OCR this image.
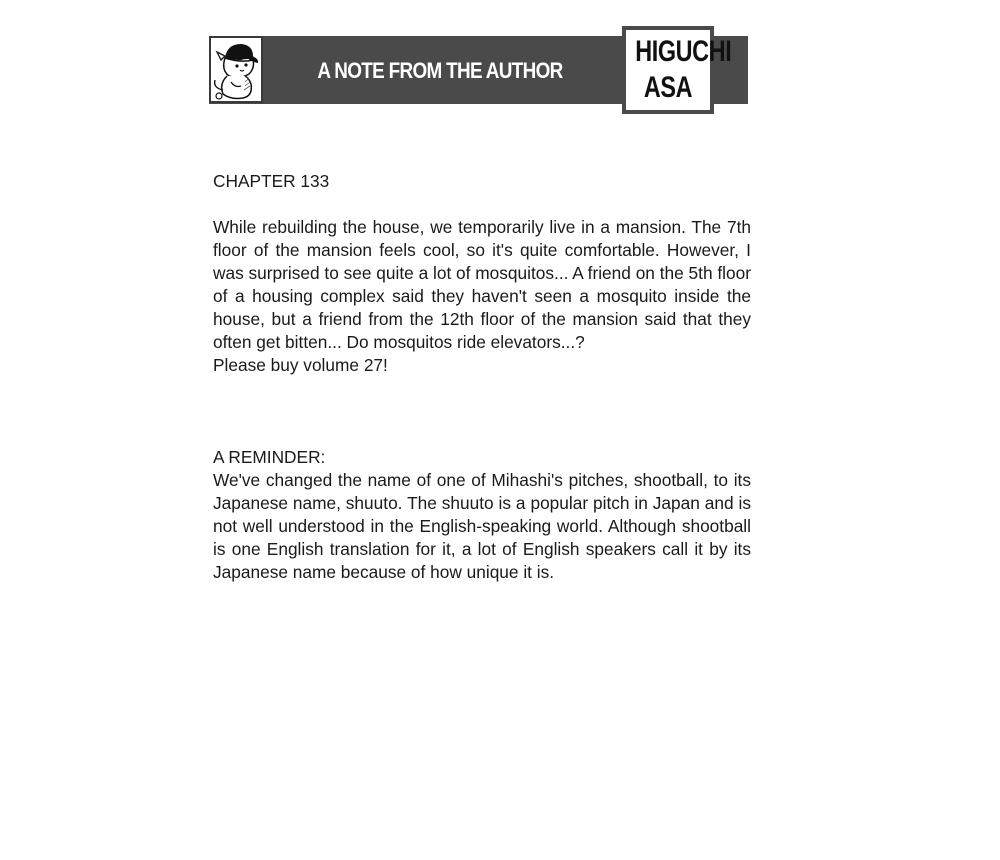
A NOTE FROM THE AUTHOR
HIGUCHI
ASA
CHAPTER 133

While rebuilding the house, we temporarily live in a mansion. The 7th floor of the mansion feels cool, so it's quite comfortable. However, I was surprised to see quite a lot of mosquitos... A friend on the 5th floor of a housing complex said they haven't seen a mosquito inside the house, but a friend from the 12th floor of the mansion said that they often get bitten... Do mosquitos ride elevators...?

Please buy volume 27!

A REMINDER:

We've changed the name of one of Mihashi's pitches, shootball, to its Japanese name, shuuto. The shuuto is a popular pitch in Japan and is not well understood in the English-speaking world. Although shootball is one English translation for it, a lot of English speakers call it by its Japanese name because of how unique it is.
